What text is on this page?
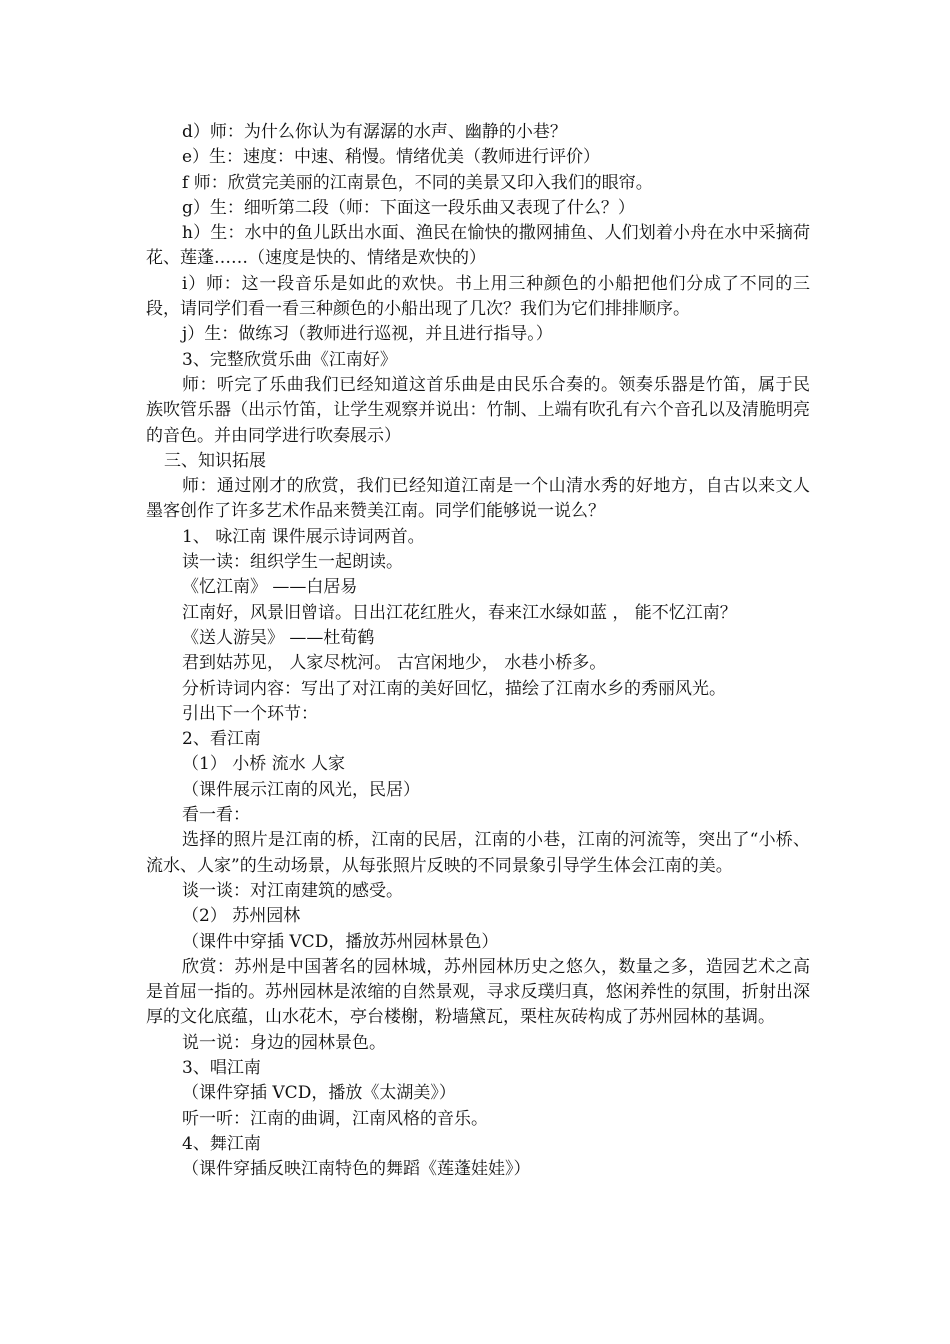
d）师：为什么你认为有潺潺的水声、幽静的小巷？

e）生：速度：中速、稍慢。情绪优美（教师进行评价）

f 师：欣赏完美丽的江南景色，不同的美景又印入我们的眼帘。

g）生：细听第二段（师：下面这一段乐曲又表现了什么？）

h）生：水中的鱼儿跃出水面、渔民在愉快的撒网捕鱼、人们划着小舟在水中采摘荷花、莲蓬……（速度是快的、情绪是欢快的）

i）师：这一段音乐是如此的欢快。书上用三种颜色的小船把他们分成了不同的三段，请同学们看一看三种颜色的小船出现了几次？我们为它们排排顺序。

j）生：做练习（教师进行巡视，并且进行指导。）

3、完整欣赏乐曲《江南好》

师：听完了乐曲我们已经知道这首乐曲是由民乐合奏的。领奏乐器是竹笛，属于民族吹管乐器（出示竹笛，让学生观察并说出：竹制、上端有吹孔有六个音孔以及清脆明亮的音色。并由同学进行吹奏展示）

三、知识拓展

师：通过刚才的欣赏，我们已经知道江南是一个山清水秀的好地方，自古以来文人墨客创作了许多艺术作品来赞美江南。同学们能够说一说么？

1、 咏江南 课件展示诗词两首。

读一读：组织学生一起朗读。

《忆江南》 ——白居易

江南好，风景旧曾谙。日出江花红胜火，春来江水绿如蓝 ， 能不忆江南？

《送人游吴》 ——杜荀鹤

君到姑苏见， 人家尽枕河。 古宫闲地少， 水巷小桥多。

分析诗词内容：写出了对江南的美好回忆，描绘了江南水乡的秀丽风光。

引出下一个环节：

2、看江南

（1） 小桥 流水 人家

（课件展示江南的风光，民居）

看一看：

选择的照片是江南的桥，江南的民居，江南的小巷，江南的河流等，突出了“小桥、流水、人家”的生动场景，从每张照片反映的不同景象引导学生体会江南的美。

谈一谈：对江南建筑的感受。

（2） 苏州园林

（课件中穿插 VCD，播放苏州园林景色）

欣赏：苏州是中国著名的园林城，苏州园林历史之悠久，数量之多，造园艺术之高是首屈一指的。苏州园林是浓缩的自然景观，寻求反璞归真，悠闲养性的氛围，折射出深厚的文化底蕴，山水花木，亭台楼榭，粉墙黛瓦，栗柱灰砖构成了苏州园林的基调。

说一说：身边的园林景色。

3、唱江南

（课件穿插 VCD，播放《太湖美》）

听一听：江南的曲调，江南风格的音乐。

4、舞江南

（课件穿插反映江南特色的舞蹈《莲蓬娃娃》）
